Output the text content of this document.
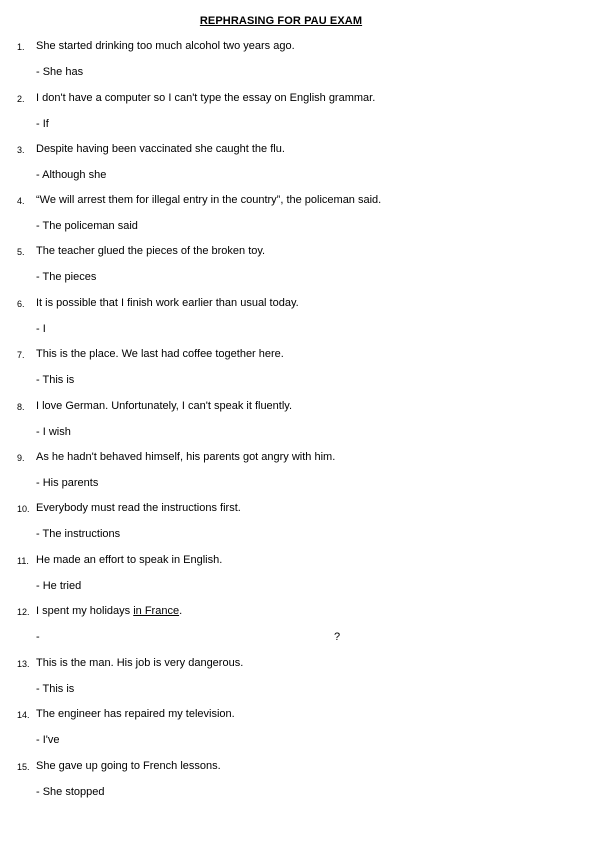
REPHRASING FOR PAU EXAM
1.	She started drinking too much alcohol two years ago.
- She has
2.	I don't have a computer so I can't type the essay on English grammar.
- If
3.	Despite having been vaccinated she caught the flu.
- Although she
4.	“We will arrest them for illegal entry in the country”, the policeman said.
- The policeman said
5.	The teacher glued the pieces of the broken toy.
- The pieces
6.	It is possible that I finish work earlier than usual today.
- I
7.	This is the place. We last had coffee together here.
- This is
8.	I love German. Unfortunately, I can't speak it fluently.
- I wish
9.	As he hadn't behaved himself, his parents got angry with him.
- His parents
10. Everybody must read the instructions first.
- The instructions
11. He made an effort to speak in English.
- He tried
12. I spent my holidays in France.
-	?
13. This is the man. His job is very dangerous.
- This is
14. The engineer has repaired my television.
- I've
15. She gave up going to French lessons.
- She stopped
